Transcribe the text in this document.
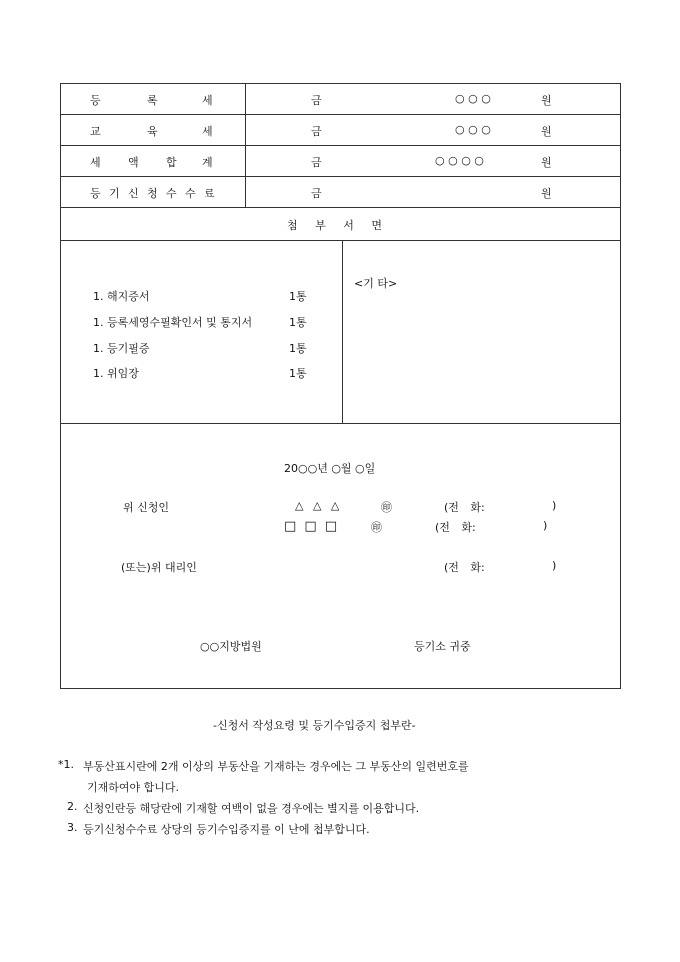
등	록	세	금	○ ○ ○	원
교	육	세	금	○ ○ ○	원
세 액 합 계	금	○ ○ ○ ○	원
등 기 신 청 수 수 료	금	원
첨 부 서 면
1. 해지증서	1통
1. 등록세영수필확인서 및 통지서	1통
1. 등기필증	1통
1. 위임장	1통
<기 타>
20○○년 ○월 ○일
위 신청인	△ △ △	㊞	(전 화:	)
□ □ □	㊞	(전 화:	)
(또는)위 대리인	(전 화:	)
○○지방법원	등기소 귀중
-신청서 작성요령 및 등기수입증지 첩부란-
*1. 부동산표시란에 2개 이상의 부동산을 기재하는 경우에는 그 부동산의 일련번호를
기재하여야 합니다.
2. 신청인란등 해당란에 기재할 여백이 없을 경우에는 별지를 이용합니다.
3. 등기신청수수료 상당의 등기수입증지를 이 난에 첩부합니다.
